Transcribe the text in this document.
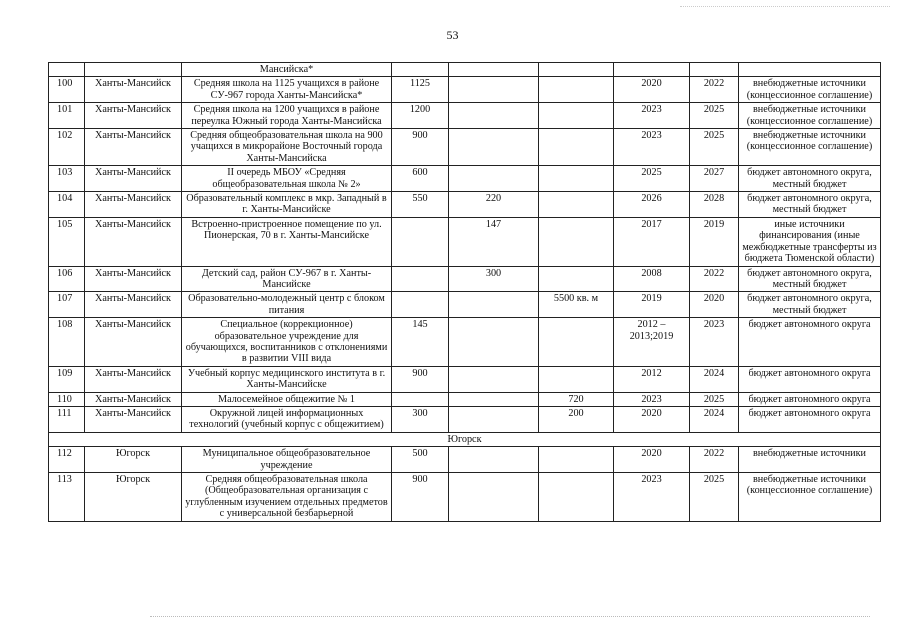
53
		Мансийска*						
100	Ханты-Мансийск	Средняя школа на 1125 учащихся в районе СУ-967 города Ханты-Мансийска*	1125			2020	2022	внебюджетные источники (концессионное соглашение)
101	Ханты-Мансийск	Средняя школа на 1200 учащихся в районе переулка Южный города Ханты-Мансийска	1200			2023	2025	внебюджетные источники (концессионное соглашение)
102	Ханты-Мансийск	Средняя общеобразовательная школа на 900 учащихся в микрорайоне Восточный города Ханты-Мансийска	900			2023	2025	внебюджетные источники (концессионное соглашение)
103	Ханты-Мансийск	II очередь МБОУ «Средняя общеобразовательная школа № 2»	600			2025	2027	бюджет автономного округа, местный бюджет
104	Ханты-Мансийск	Образовательный комплекс в мкр. Западный в г. Ханты-Мансийске	550	220		2026	2028	бюджет автономного округа, местный бюджет
105	Ханты-Мансийск	Встроенно-пристроенное помещение по ул. Пионерская, 70 в г. Ханты-Мансийске		147		2017	2019	иные источники финансирования (иные межбюджетные трансферты из бюджета Тюменской области)
106	Ханты-Мансийск	Детский сад, район СУ-967 в г. Ханты-Мансийске		300		2008	2022	бюджет автономного округа, местный бюджет
107	Ханты-Мансийск	Образовательно-молодежный центр с блоком питания			5500 кв. м	2019	2020	бюджет автономного округа, местный бюджет
108	Ханты-Мансийск	Специальное (коррекционное) образовательное учреждение для обучающихся, воспитанников с отклонениями в развитии VIII вида	145			2012 – 2013;2019	2023	бюджет автономного округа
109	Ханты-Мансийск	Учебный корпус медицинского института в г. Ханты-Мансийске	900			2012	2024	бюджет автономного округа
110	Ханты-Мансийск	Малосемейное общежитие № 1			720	2023	2025	бюджет автономного округа
111	Ханты-Мансийск	Окружной лицей информационных технологий (учебный корпус с общежитием)	300		200	2020	2024	бюджет автономного округа
Югорск								
112	Югорск	Муниципальное общеобразовательное учреждение	500			2020	2022	внебюджетные источники
113	Югорск	Средняя общеобразовательная школа (Общеобразовательная организация с углубленным изучением отдельных предметов с универсальной безбарьерной	900			2023	2025	внебюджетные источники (концессионное соглашение)
